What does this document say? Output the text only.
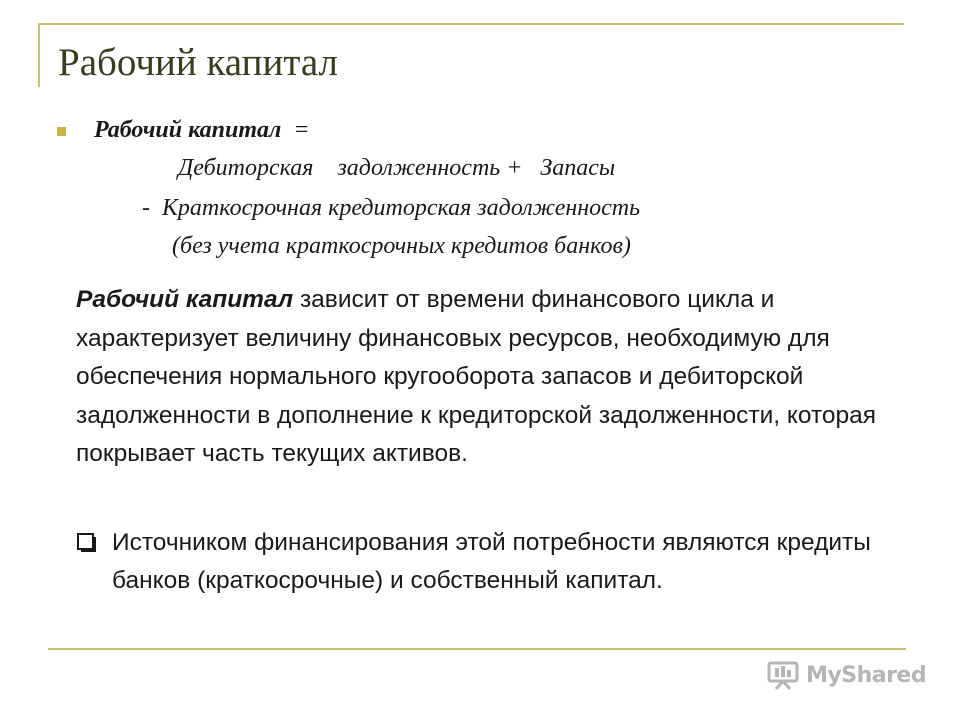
Рабочий капитал
Рабочий капитал  =
Дебиторская    задолженность +   Запасы
-  Краткосрочная кредиторская задолженность
(без учета краткосрочных кредитов банков)
Рабочий капитал зависит от времени финансового цикла и характеризует величину финансовых ресурсов, необходимую для обеспечения нормального кругооборота запасов и дебиторской задолженности в дополнение к кредиторской задолженности, которая покрывает часть текущих активов.
Источником финансирования этой потребности являются кредиты банков (краткосрочные) и собственный капитал.
MyShared
